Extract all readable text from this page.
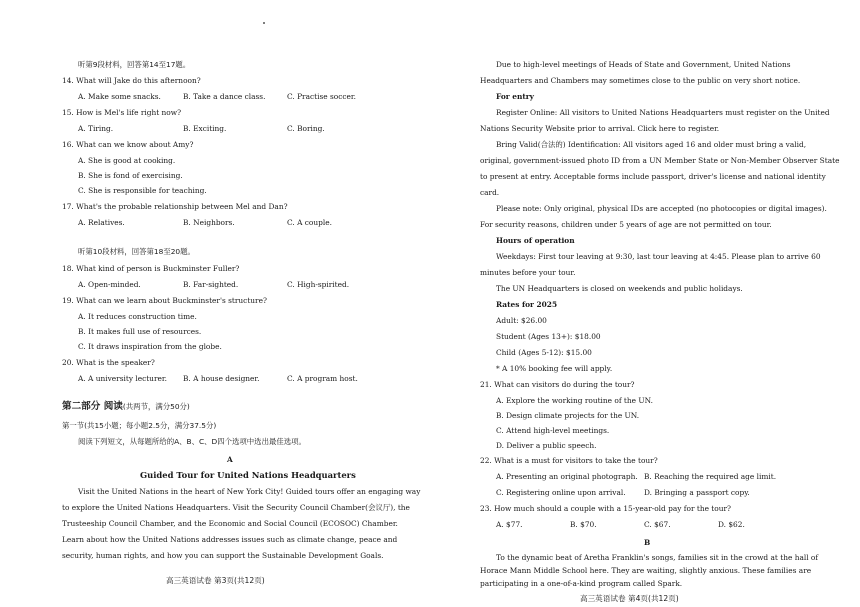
听第9段材料，回答第14至17题。
14. What will Jake do this afternoon?
A. Make some snacks.	B. Take a dance class.	C. Practise soccer.
15. How is Mel's life right now?
A. Tiring.	B. Exciting.	C. Boring.
16. What can we know about Amy?
A. She is good at cooking.
B. She is fond of exercising.
C. She is responsible for teaching.
17. What's the probable relationship between Mel and Dan?
A. Relatives.	B. Neighbors.	C. A couple.
听第10段材料，回答第18至20题。
18. What kind of person is Buckminster Fuller?
A. Open-minded.	B. Far-sighted.	C. High-spirited.
19. What can we learn about Buckminster's structure?
A. It reduces construction time.
B. It makes full use of resources.
C. It draws inspiration from the globe.
20. What is the speaker?
A. A university lecturer. B. A house designer.	C. A program host.
第二部分 阅读(共两节，满分50分)
第一节(共15小题；每小题2.5分，满分37.5分)
阅读下列短文，从每题所给的A、B、C、D四个选项中选出最佳选项。
A
Guided Tour for United Nations Headquarters
Visit the United Nations in the heart of New York City! Guided tours offer an engaging way
to explore the United Nations Headquarters. Visit the Security Council Chamber(会议厅), the
Trusteeship Council Chamber, and the Economic and Social Council (ECOSOC) Chamber.
Learn about how the United Nations addresses issues such as climate change, peace and
security, human rights, and how you can support the Sustainable Development Goals.
高三英语试卷 第3页(共12页)
Due to high-level meetings of Heads of State and Government, United Nations
Headquarters and Chambers may sometimes close to the public on very short notice.
For entry
Register Online: All visitors to United Nations Headquarters must register on the United
Nations Security Website prior to arrival. Click here to register.
Bring Valid(合法的) Identification: All visitors aged 16 and older must bring a valid,
original, government-issued photo ID from a UN Member State or Non-Member Observer State
to present at entry. Acceptable forms include passport, driver's license and national identity
card.
Please note: Only original, physical IDs are accepted (no photocopies or digital images).
For security reasons, children under 5 years of age are not permitted on tour.
Hours of operation
Weekdays: First tour leaving at 9:30, last tour leaving at 4:45. Please plan to arrive 60
minutes before your tour.
The UN Headquarters is closed on weekends and public holidays.
Rates for 2025
Adult: $26.00
Student (Ages 13+): $18.00
Child (Ages 5-12): $15.00
* A 10% booking fee will apply.
21. What can visitors do during the tour?
A. Explore the working routine of the UN.
B. Design climate projects for the UN.
C. Attend high-level meetings.
D. Deliver a public speech.
22. What is a must for visitors to take the tour?
A. Presenting an original photograph. B. Reaching the required age limit.
C. Registering online upon arrival. D. Bringing a passport copy.
23. How much should a couple with a 15-year-old pay for the tour?
A. $77.	B. $70.	C. $67.	D. $62.
B
To the dynamic beat of Aretha Franklin's songs, families sit in the crowd at the hall of
Horace Mann Middle School here. They are waiting, slightly anxious. These families are
participating in a one-of-a-kind program called Spark.
高三英语试卷 第4页(共12页)
